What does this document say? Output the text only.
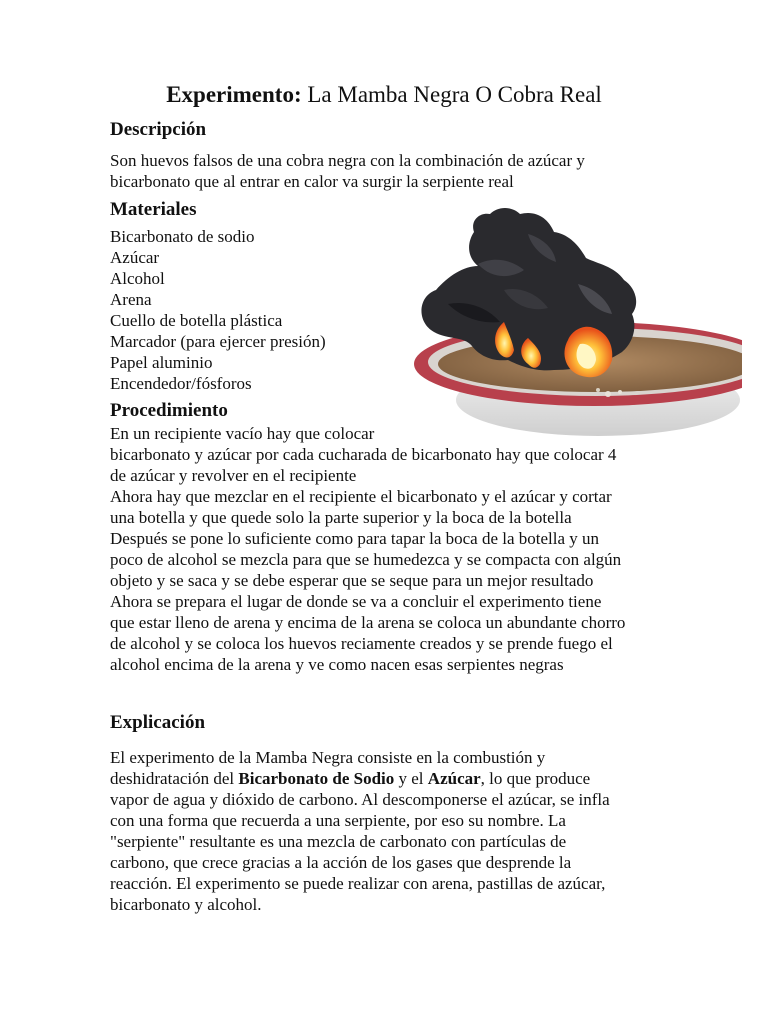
Experimento: La Mamba Negra O Cobra Real
Descripción
Son huevos falsos de una cobra negra con la combinación de azúcar y
bicarbonato que al entrar en calor va surgir la serpiente real
Materiales
Bicarbonato de sodio
Azúcar
Alcohol
Arena
Cuello de botella plástica
Marcador (para ejercer presión)
Papel aluminio
Encendedor/fósforos
Procedimiento
En un recipiente vacío hay que colocar
bicarbonato y azúcar por cada cucharada de bicarbonato hay que colocar 4
de azúcar y revolver en el recipiente
Ahora hay que mezclar en el recipiente el bicarbonato y el azúcar y cortar
una botella y que quede solo la parte superior y la boca de la botella
Después se pone lo suficiente como para tapar la boca de la botella y un
poco de alcohol se mezcla para que se humedezca y se compacta con algún
objeto y se saca y se debe esperar que se seque para un mejor resultado
Ahora se prepara el lugar de donde se va a concluir el experimento tiene
que estar lleno de arena y encima de la arena se coloca un abundante chorro
de alcohol y se coloca los huevos reciamente creados y se prende fuego el
alcohol encima de la arena y ve como nacen esas serpientes negras
Explicación
El experimento de la Mamba Negra consiste en la combustión y
deshidratación del Bicarbonato de Sodio y el Azúcar, lo que produce
vapor de agua y dióxido de carbono. Al descomponerse el azúcar, se infla
con una forma que recuerda a una serpiente, por eso su nombre. La
"serpiente" resultante es una mezcla de carbonato con partículas de
carbono, que crece gracias a la acción de los gases que desprende la
reacción. El experimento se puede realizar con arena, pastillas de azúcar,
bicarbonato y alcohol.
